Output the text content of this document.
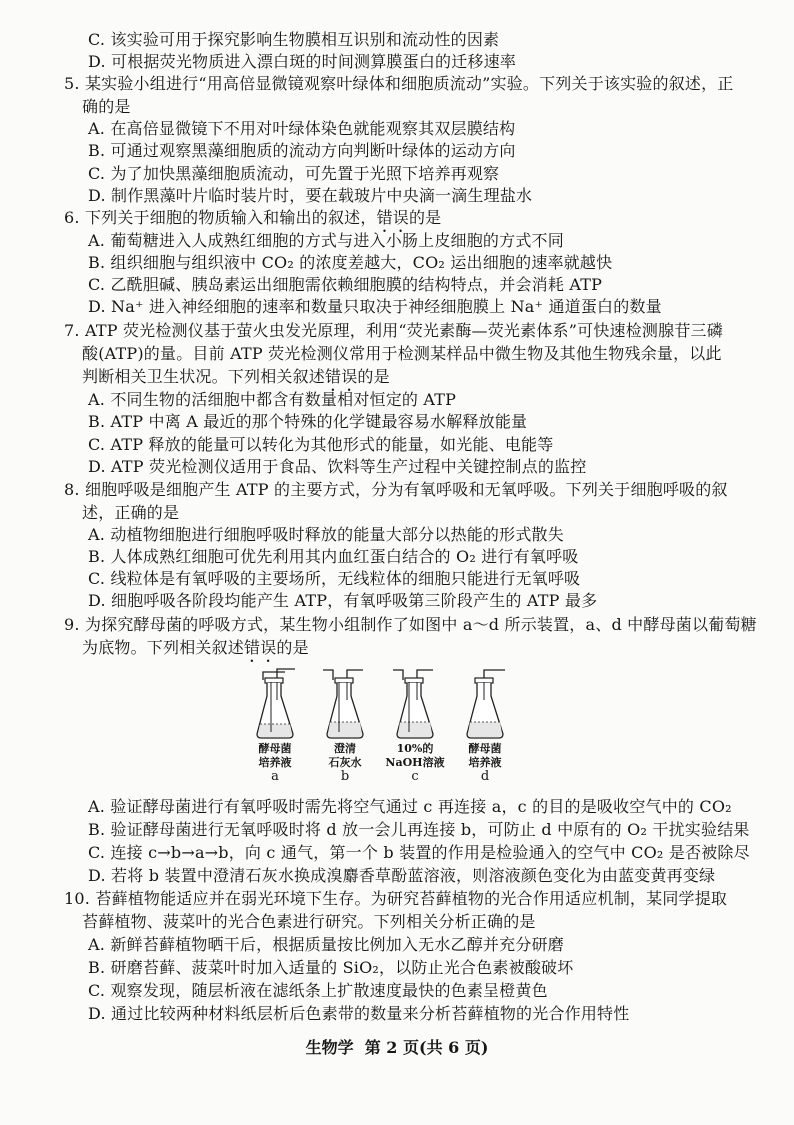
C. 该实验可用于探究影响生物膜相互识别和流动性的因素
D. 可根据荧光物质进入漂白斑的时间测算膜蛋白的迁移速率
5. 某实验小组进行“用高倍显微镜观察叶绿体和细胞质流动”实验。下列关于该实验的叙述，正
确的是
A. 在高倍显微镜下不用对叶绿体染色就能观察其双层膜结构
B. 可通过观察黑藻细胞质的流动方向判断叶绿体的运动方向
C. 为了加快黑藻细胞质流动，可先置于光照下培养再观察
D. 制作黑藻叶片临时装片时，要在载玻片中央滴一滴生理盐水
6. 下列关于细胞的物质输入和输出的叙述，错误的是
A. 葡萄糖进入人成熟红细胞的方式与进入小肠上皮细胞的方式不同
B. 组织细胞与组织液中 CO₂ 的浓度差越大，CO₂ 运出细胞的速率就越快
C. 乙酰胆碱、胰岛素运出细胞需依赖细胞膜的结构特点，并会消耗 ATP
D. Na⁺ 进入神经细胞的速率和数量只取决于神经细胞膜上 Na⁺ 通道蛋白的数量
7. ATP 荧光检测仪基于萤火虫发光原理，利用“荧光素酶—荧光素体系”可快速检测腺苷三磷
酸(ATP)的量。目前 ATP 荧光检测仪常用于检测某样品中微生物及其他生物残余量，以此
判断相关卫生状况。下列相关叙述错误的是
A. 不同生物的活细胞中都含有数量相对恒定的 ATP
B. ATP 中离 A 最近的那个特殊的化学键最容易水解释放能量
C. ATP 释放的能量可以转化为其他形式的能量，如光能、电能等
D. ATP 荧光检测仪适用于食品、饮料等生产过程中关键控制点的监控
8. 细胞呼吸是细胞产生 ATP 的主要方式，分为有氧呼吸和无氧呼吸。下列关于细胞呼吸的叙
述，正确的是
A. 动植物细胞进行细胞呼吸时释放的能量大部分以热能的形式散失
B. 人体成熟红细胞可优先利用其内血红蛋白结合的 O₂ 进行有氧呼吸
C. 线粒体是有氧呼吸的主要场所，无线粒体的细胞只能进行无氧呼吸
D. 细胞呼吸各阶段均能产生 ATP，有氧呼吸第三阶段产生的 ATP 最多
9. 为探究酵母菌的呼吸方式，某生物小组制作了如图中 a～d 所示装置，a、d 中酵母菌以葡萄糖
为底物。下列相关叙述错误的是
酵母菌
培养液
a
澄清
石灰水
b
10%的
NaOH溶液
c
酵母菌
培养液
d
A. 验证酵母菌进行有氧呼吸时需先将空气通过 c 再连接 a，c 的目的是吸收空气中的 CO₂
B. 验证酵母菌进行无氧呼吸时将 d 放一会儿再连接 b，可防止 d 中原有的 O₂ 干扰实验结果
C. 连接 c→b→a→b，向 c 通气，第一个 b 装置的作用是检验通入的空气中 CO₂ 是否被除尽
D. 若将 b 装置中澄清石灰水换成溴麝香草酚蓝溶液，则溶液颜色变化为由蓝变黄再变绿
10. 苔藓植物能适应并在弱光环境下生存。为研究苔藓植物的光合作用适应机制，某同学提取
苔藓植物、菠菜叶的光合色素进行研究。下列相关分析正确的是
A. 新鲜苔藓植物晒干后，根据质量按比例加入无水乙醇并充分研磨
B. 研磨苔藓、菠菜叶时加入适量的 SiO₂，以防止光合色素被酸破坏
C. 观察发现，随层析液在滤纸条上扩散速度最快的色素呈橙黄色
D. 通过比较两种材料纸层析后色素带的数量来分析苔藓植物的光合作用特性
生物学 第 2 页(共 6 页)
